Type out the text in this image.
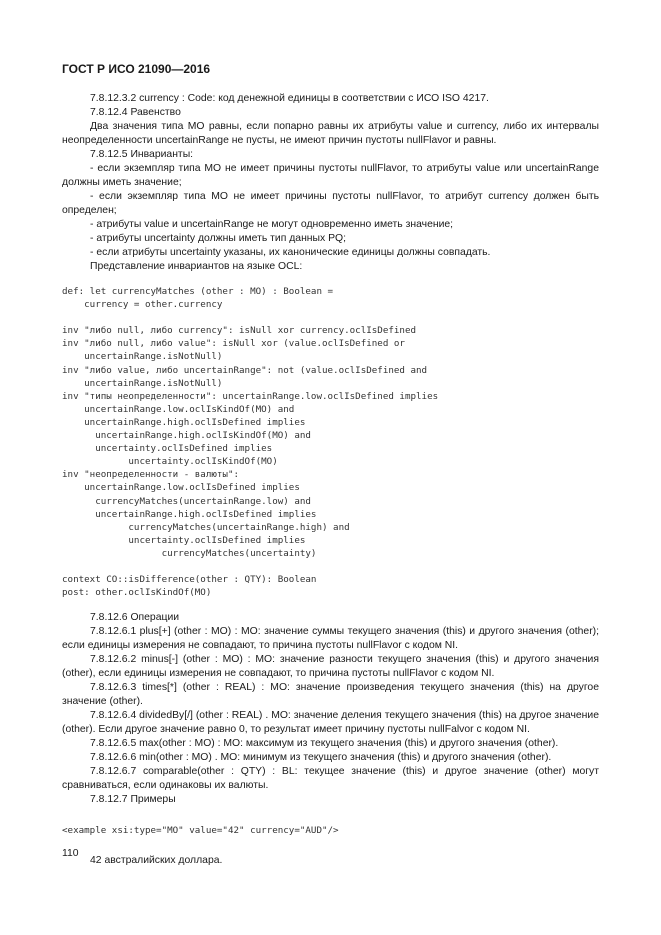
ГОСТ Р ИСО 21090—2016

7.8.12.3.2 currency : Code: код денежной единицы в соответствии с ИСО ISO 4217.

7.8.12.4 Равенство

Два значения типа MO равны, если попарно равны их атрибуты value и currency, либо их интервалы неопределенности uncertainRange не пусты, не имеют причин пустоты nullFlavor и равны.

7.8.12.5 Инварианты:

- если экземпляр типа MO не имеет причины пустоты nullFlavor, то атрибуты value или uncertainRange должны иметь значение;

- если экземпляр типа MO не имеет причины пустоты nullFlavor, то атрибут currency должен быть определен;

- атрибуты value и uncertainRange не могут одновременно иметь значение;

- атрибуты uncertainty должны иметь тип данных PQ;

- если атрибуты uncertainty указаны, их канонические единицы должны совпадать.

Представление инвариантов на языке OCL:

def: let currencyMatches (other : MO) : Boolean =
currency = other.currency

inv "либо null, либо currency": isNull xor currency.oclIsDefined
inv "либо null, либо value": isNull xor (value.oclIsDefined or
uncertainRange.isNotNull)
inv "либо value, либо uncertainRange": not (value.oclIsDefined and
uncertainRange.isNotNull)
inv "типы неопределенности": uncertainRange.low.oclIsDefined implies
uncertainRange.low.oclIsKindOf(MO) and
uncertainRange.high.oclIsDefined implies
uncertainRange.high.oclIsKindOf(MO) and
uncertainty.oclIsDefined implies
uncertainty.oclIsKindOf(MO)
inv "неопределенности - валюты":
uncertainRange.low.oclIsDefined implies
currencyMatches(uncertainRange.low) and
uncertainRange.high.oclIsDefined implies
currencyMatches(uncertainRange.high) and
uncertainty.oclIsDefined implies
currencyMatches(uncertainty)

context CO::isDifference(other : QTY): Boolean
post: other.oclIsKindOf(MO)

7.8.12.6 Операции

7.8.12.6.1 plus[+] (other : MO) : MO: значение суммы текущего значения (this) и другого значения (other); если единицы измерения не совпадают, то причина пустоты nullFlavor с кодом NI.

7.8.12.6.2 minus[-] (other : MO) : MO: значение разности текущего значения (this) и другого значения (other), если единицы измерения не совпадают, то причина пустоты nullFlavor с кодом NI.

7.8.12.6.3 times[*] (other : REAL) : MO: значение произведения текущего значения (this) на другое значение (other).

7.8.12.6.4 dividedBy[/] (other : REAL) . MO: значение деления текущего значения (this) на другое значение (other). Если другое значение равно 0, то результат имеет причину пустоты nullFalvor с кодом NI.

7.8.12.6.5 max(other : MO) : MO: максимум из текущего значения (this) и другого значения (other).

7.8.12.6.6 min(other : MO) . MO: минимум из текущего значения (this) и другого значения (other).

7.8.12.6.7 comparable(other : QTY) : BL: текущее значение (this) и другое значение (other) могут сравниваться, если одинаковы их валюты.

7.8.12.7 Примеры

<example xsi:type="MO" value="42" currency="AUD"/>

42 австралийских доллара.

110
